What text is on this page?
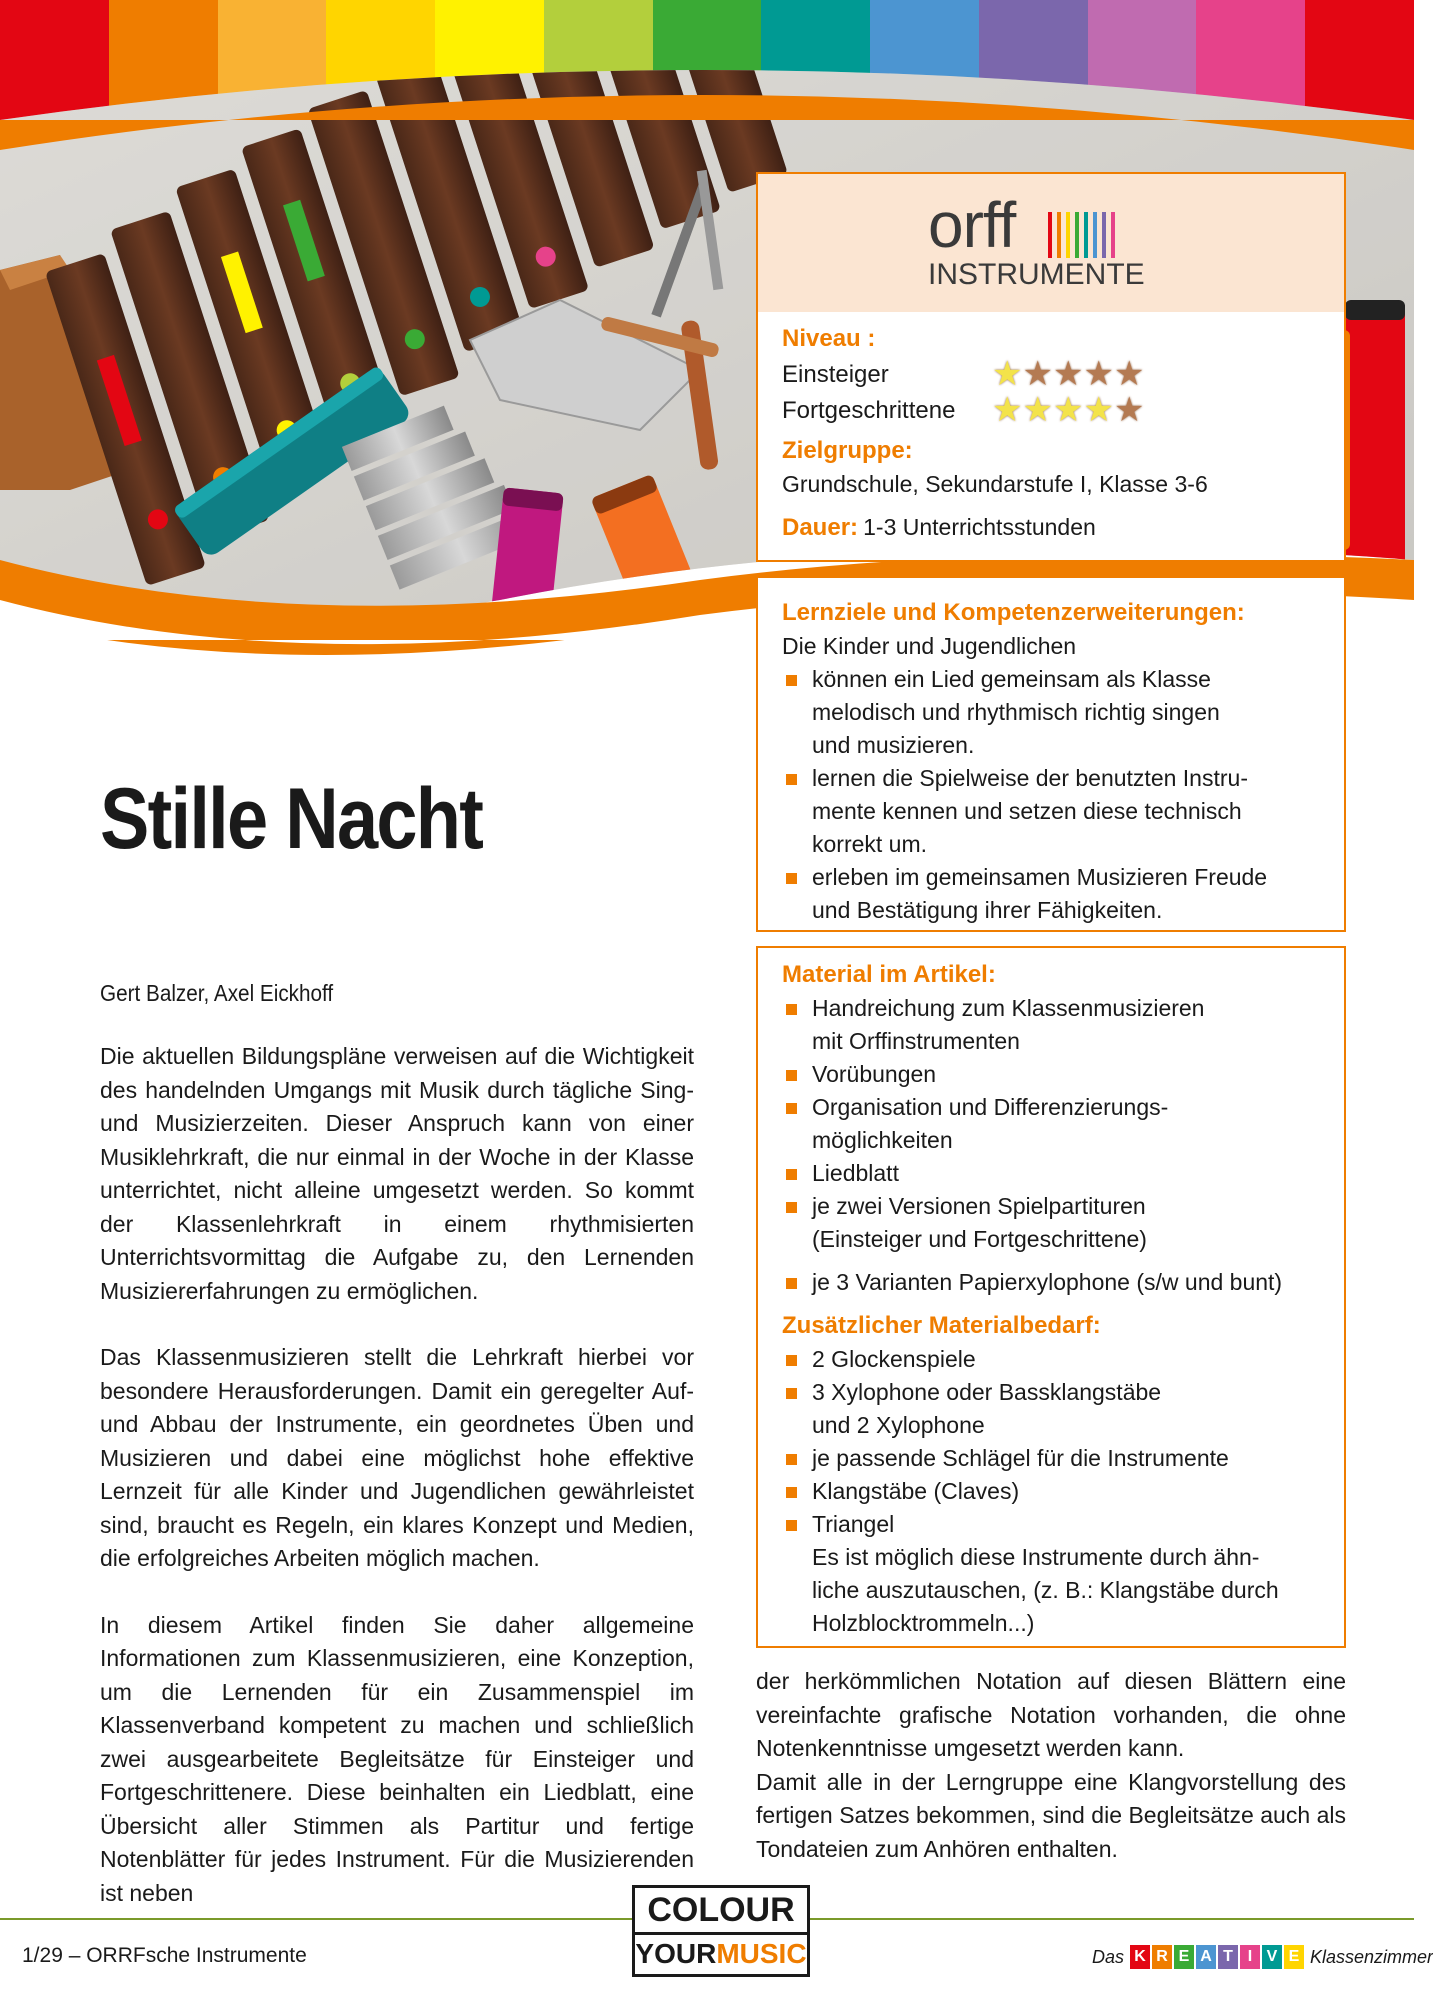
orff
INSTRUMENTE
Niveau :
Einsteiger	★★★★★
Fortgeschrittene	★★★★★
Zielgruppe:
Grundschule, Sekundarstufe I, Klasse 3-6
Dauer: 1-3 Unterrichtsstunden
Lernziele und Kompetenzerweiterungen:
Die Kinder und Jugendlichen
können ein Lied gemeinsam als Klasse
melodisch und rhythmisch richtig singen
und musizieren.
lernen die Spielweise der benutzten Instru-
mente kennen und setzen diese technisch
korrekt um.
erleben im gemeinsamen Musizieren Freude
und Bestätigung ihrer Fähigkeiten.
Material im Artikel:
Handreichung zum Klassenmusizieren
mit Orffinstrumenten
Vorübungen
Organisation und Differenzierungs-
möglichkeiten
Liedblatt
je zwei Versionen Spielpartituren
(Einsteiger und Fortgeschrittene)
je 3 Varianten Papierxylophone (s/w und bunt)
Zusätzlicher Materialbedarf:
2 Glockenspiele
3 Xylophone oder Bassklangstäbe
und 2 Xylophone
je passende Schlägel für die Instrumente
Klangstäbe (Claves)
Triangel
Es ist möglich diese Instrumente durch ähn-
liche auszutauschen, (z. B.: Klangstäbe durch
Holzblocktrommeln...)
Stille Nacht
Gert Balzer, Axel Eickhoff

Die aktuellen Bildungspläne verweisen auf die Wichtigkeit des handelnden Umgangs mit Musik durch tägliche Sing- und Musizierzeiten. Dieser Anspruch kann von einer Musiklehrkraft, die nur einmal in der Woche in der Klasse unterrichtet, nicht alleine umgesetzt werden. So kommt der Klassenlehrkraft in einem rhythmisierten Unterrichtsvormittag die Aufgabe zu, den Lernenden Musiziererfahrungen zu ermöglichen.

Das Klassenmusizieren stellt die Lehrkraft hierbei vor besondere Herausforderungen. Damit ein geregelter Auf- und Abbau der Instrumente, ein geordnetes Üben und Musizieren und dabei eine möglichst hohe effektive Lernzeit für alle Kinder und Jugendlichen gewährleistet sind, braucht es Regeln, ein klares Konzept und Medien, die erfolgreiches Arbeiten möglich machen.

In diesem Artikel finden Sie daher allgemeine Informationen zum Klassenmusizieren, eine Konzeption, um die Lernenden für ein Zusammenspiel im Klassenverband kompetent zu machen und schließlich zwei ausgearbeitete Begleitsätze für Einsteiger und Fortgeschrittenere. Diese beinhalten ein Liedblatt, eine Übersicht aller Stimmen als Partitur und fertige Notenblätter für jedes Instrument. Für die Musizierenden ist neben

der herkömmlichen Notation auf diesen Blättern eine vereinfachte grafische Notation vorhanden, die ohne Notenkenntnisse umgesetzt werden kann.

Damit alle in der Lerngruppe eine Klangvorstellung des fertigen Satzes bekommen, sind die Begleitsätze auch als Tondateien zum Anhören enthalten.

1/29 – ORRFsche Instrumente
COLOUR
YOURMUSIC	Das K R E A T I V E Klassenzimmer
